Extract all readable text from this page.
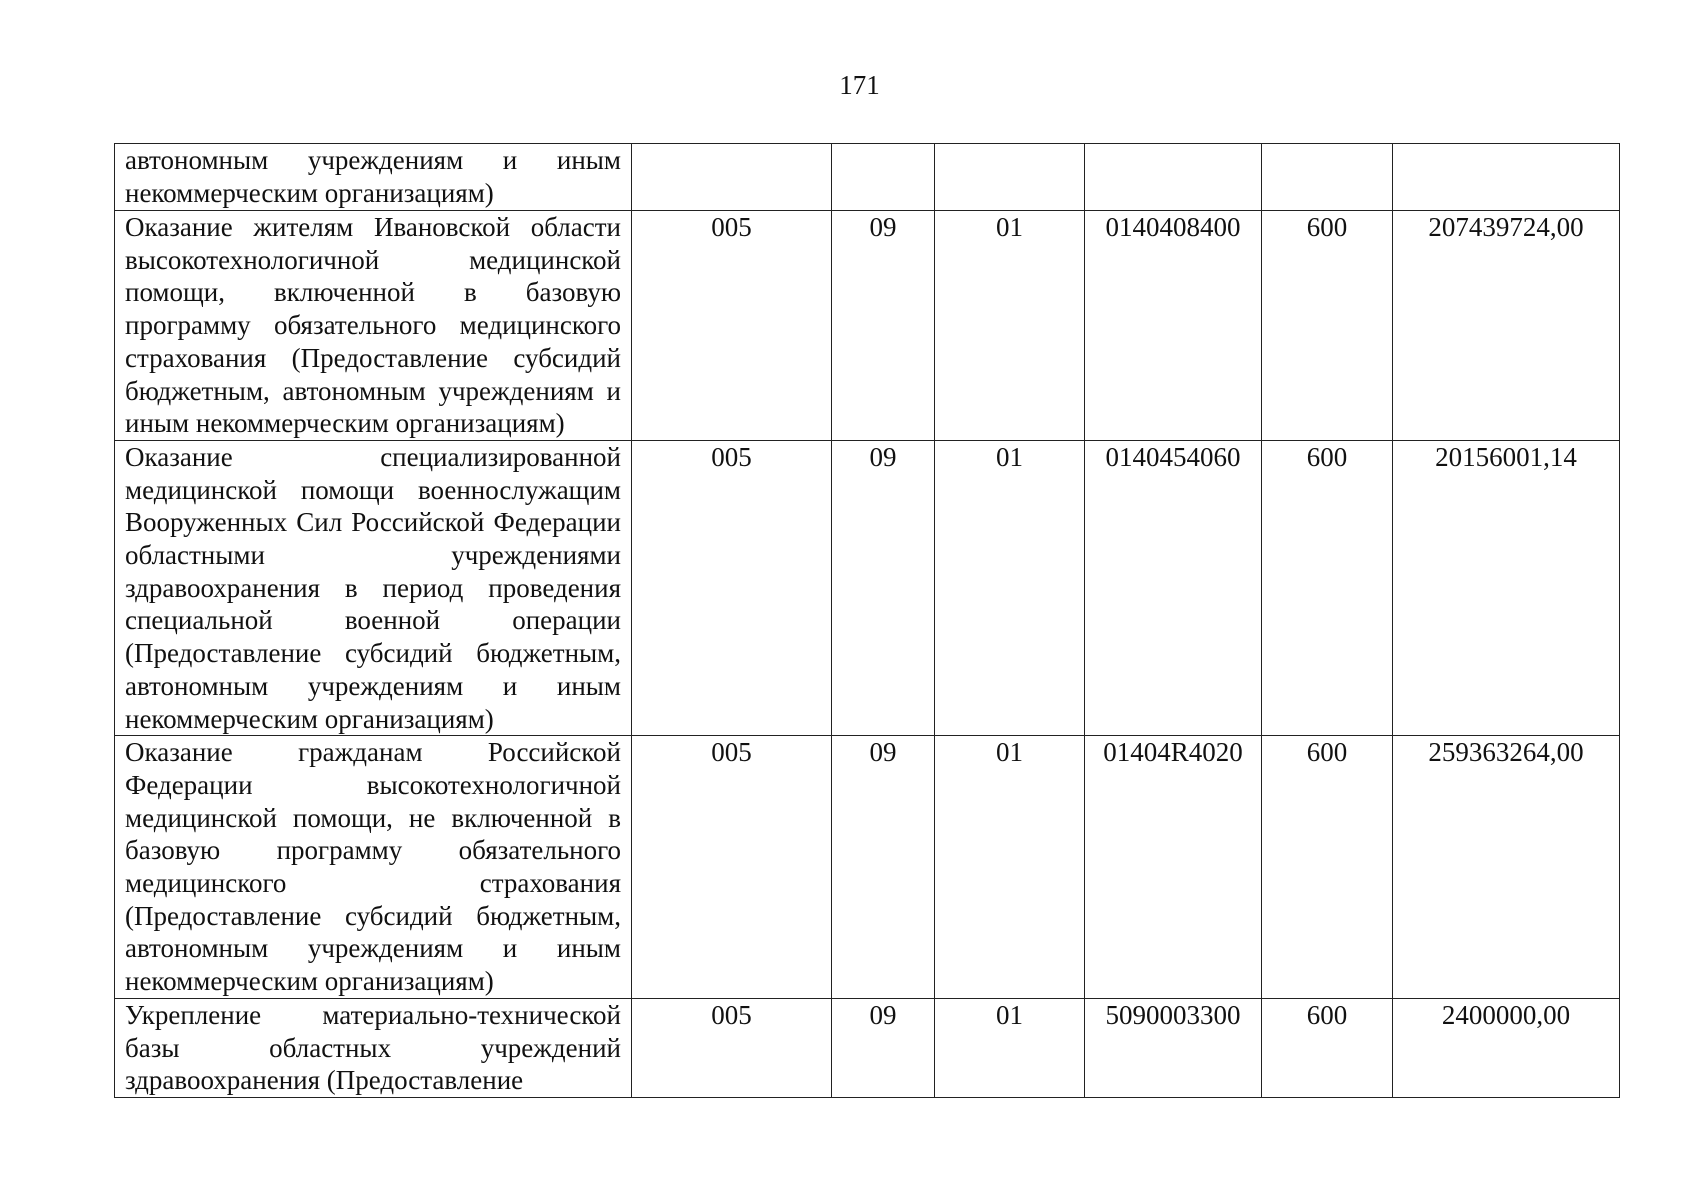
171
автономным учреждениям и иным некоммерческим организациям)						
Оказание жителям Ивановской области высокотехнологичной медицинской помощи, включенной в базовую программу обязательного медицинского страхования (Предоставление субсидий бюджетным, автономным учреждениям и иным некоммерческим организациям)	005	09	01	0140408400	600	207439724,00
Оказание специализированной медицинской помощи военнослужащим Вооруженных Сил Российской Федерации областными учреждениями здравоохранения в период проведения специальной военной операции (Предоставление субсидий бюджетным, автономным учреждениям и иным некоммерческим организациям)	005	09	01	0140454060	600	20156001,14
Оказание гражданам Российской Федерации высокотехнологичной медицинской помощи, не включенной в базовую программу обязательного медицинского страхования (Предоставление субсидий бюджетным, автономным учреждениям и иным некоммерческим организациям)	005	09	01	01404R4020	600	259363264,00
Укрепление материально-технической базы областных учреждений здравоохранения (Предоставление	005	09	01	5090003300	600	2400000,00
